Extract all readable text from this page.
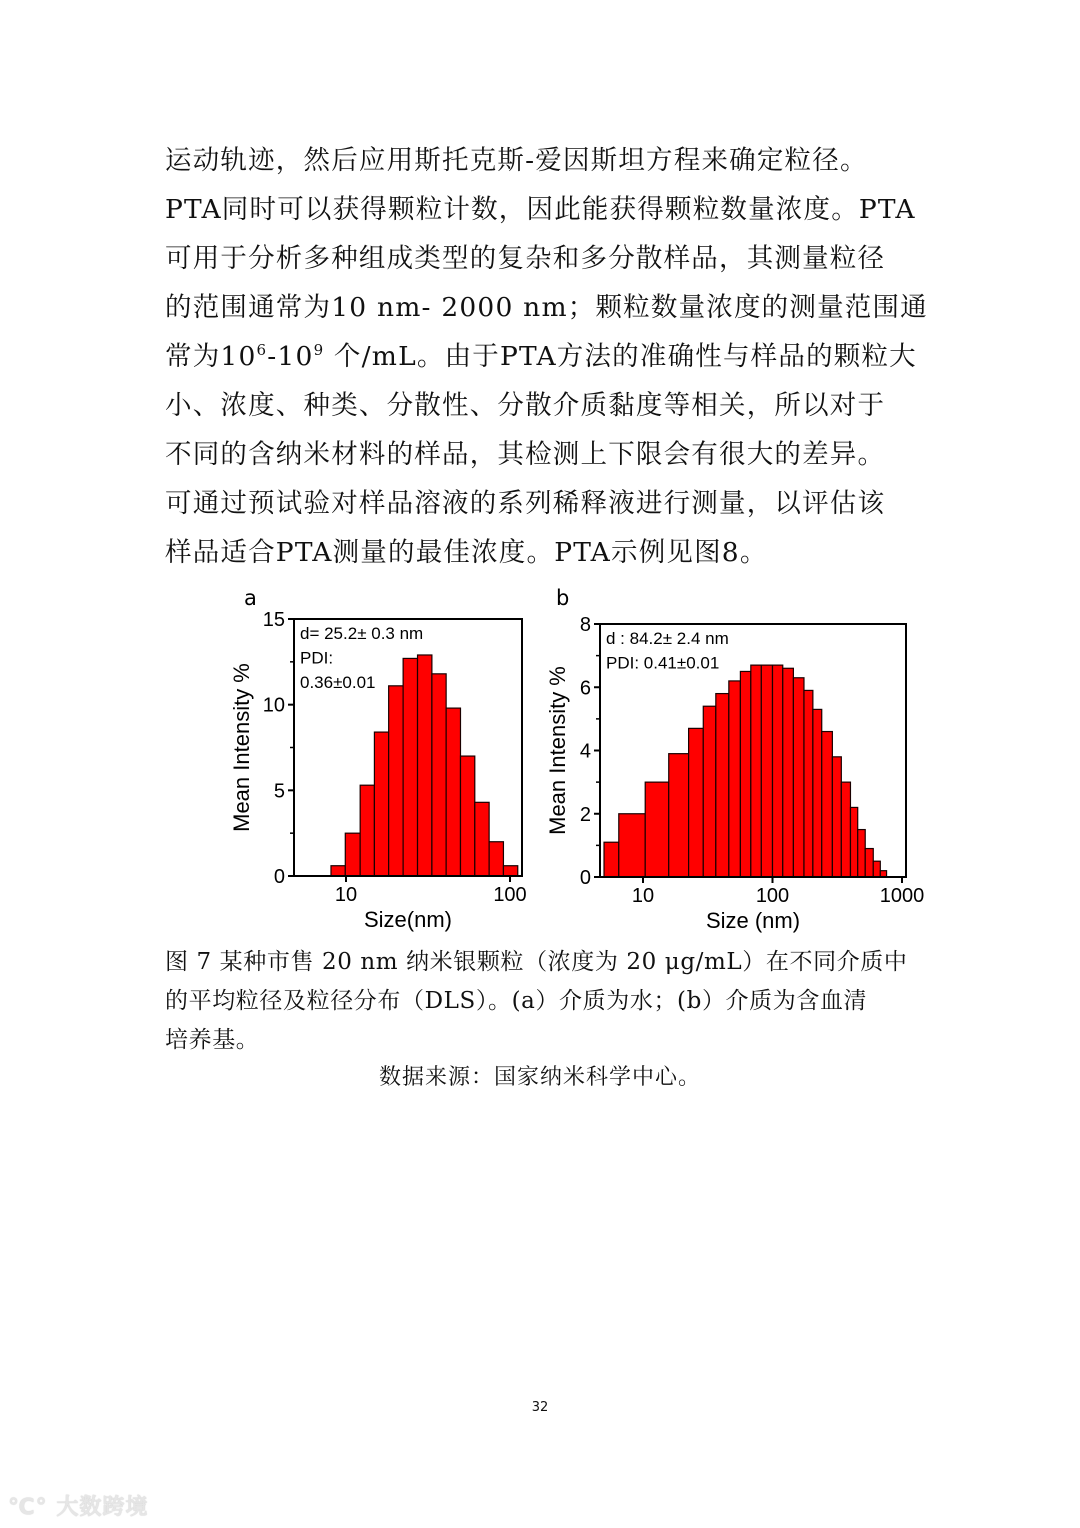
运动轨迹，然后应用斯托克斯-爱因斯坦方程来确定粒径。
PTA同时可以获得颗粒计数，因此能获得颗粒数量浓度。PTA
可用于分析多种组成类型的复杂和多分散样品，其测量粒径
的范围通常为10 nm- 2000 nm；颗粒数量浓度的测量范围通
常为$10^6-10^9$ 个/mL。由于PTA方法的准确性与样品的颗粒大
小、浓度、种类、分散性、分散介质黏度等相关，所以对于
不同的含纳米材料的样品，其检测上下限会有很大的差异。
可通过预试验对样品溶液的系列稀释液进行测量，以评估该
样品适合PTA测量的最佳浓度。PTA示例见图8。
a	b
0
5
10
15
10	100
Size(nm)
Mean Intensity %
d= 25.2± 0.3 nm
PDI:
0.36±0.01
0
2
4
6
8
10	100	1000
Size (nm)
Mean Intensity %
d : 84.2± 2.4 nm
PDI: 0.41±0.01
图 7 某种市售 20 nm 纳米银颗粒（浓度为 20 μg/mL）在不同介质中
的平均粒径及粒径分布（DLS）。(a）介质为水；(b）介质为含血清
培养基。
数据来源：国家纳米科学中心。
32
℃° 大数跨境
